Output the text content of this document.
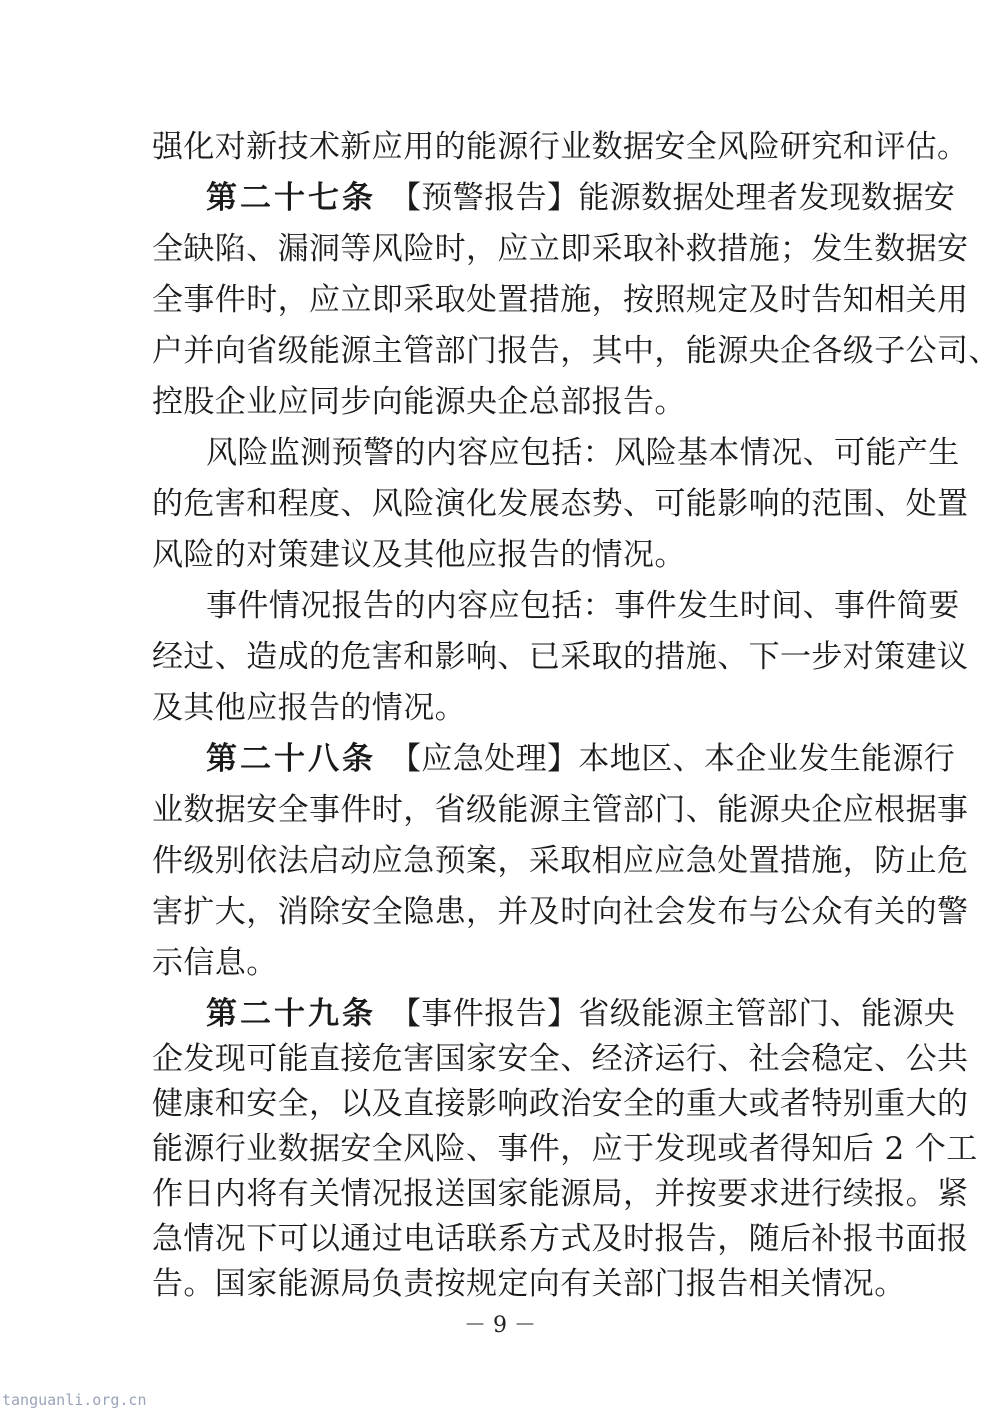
强化对新技术新应用的能源行业数据安全风险研究和评估。
第二十七条 【预警报告】能源数据处理者发现数据安
全缺陷、漏洞等风险时，应立即采取补救措施；发生数据安
全事件时，应立即采取处置措施，按照规定及时告知相关用
户并向省级能源主管部门报告，其中，能源央企各级子公司、
控股企业应同步向能源央企总部报告。
风险监测预警的内容应包括：风险基本情况、可能产生
的危害和程度、风险演化发展态势、可能影响的范围、处置
风险的对策建议及其他应报告的情况。
事件情况报告的内容应包括：事件发生时间、事件简要
经过、造成的危害和影响、已采取的措施、下一步对策建议
及其他应报告的情况。
第二十八条 【应急处理】本地区、本企业发生能源行
业数据安全事件时，省级能源主管部门、能源央企应根据事
件级别依法启动应急预案，采取相应应急处置措施，防止危
害扩大，消除安全隐患，并及时向社会发布与公众有关的警
示信息。
第二十九条 【事件报告】省级能源主管部门、能源央
企发现可能直接危害国家安全、经济运行、社会稳定、公共
健康和安全，以及直接影响政治安全的重大或者特别重大的
能源行业数据安全风险、事件，应于发现或者得知后 2 个工
作日内将有关情况报送国家能源局，并按要求进行续报。紧
急情况下可以通过电话联系方式及时报告，随后补报书面报
－ 9 －
tanguanli.org.cn
告。国家能源局负责按规定向有关部门报告相关情况。
